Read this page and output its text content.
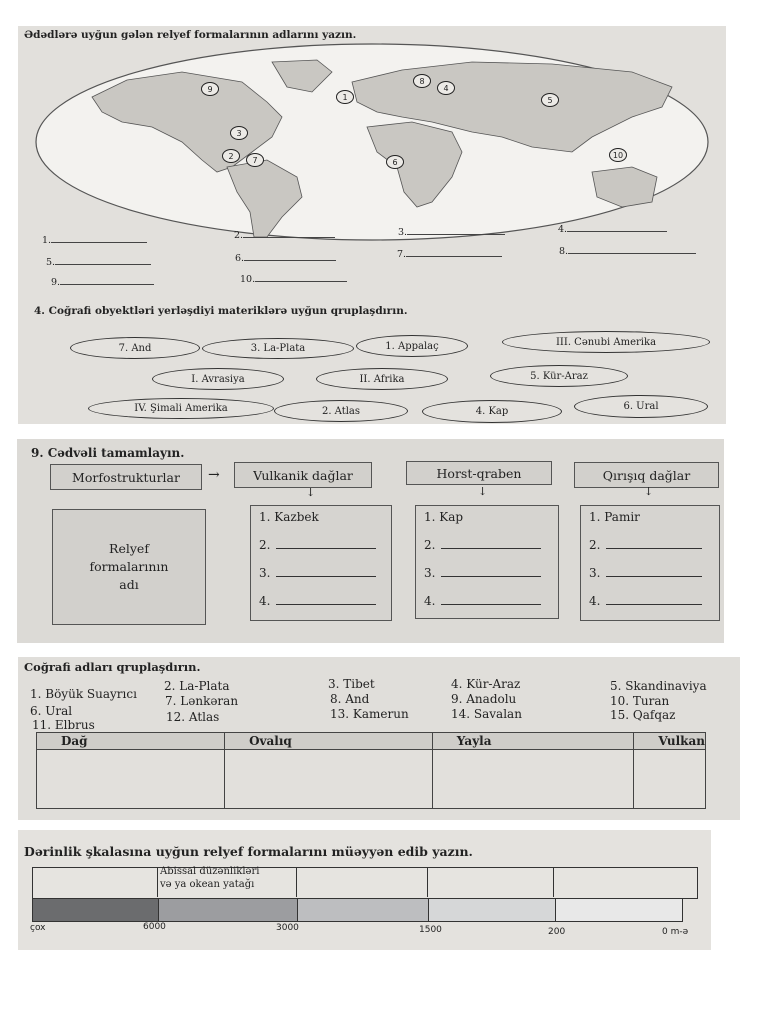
Ədədlərə uyğun gələn relyef formalarının adlarını yazın.
9
1
8
4
5
3
2	7	6
10
1.	2.	3.	4.
5.	6.	7.	8.
9.	10.
4. Coğrafi obyektləri yerləşdiyi materiklərə uyğun qruplaşdırın.
7. And	3. La-Plata	1. Appalaç	III. Cənubi Amerika
I. Avrasiya	II. Afrika	5. Kür-Araz
IV. Şimali Amerika	2. Atlas	4. Kap	6. Ural
9. Cədvəli tamamlayın.
Morfostrukturlar	→	Vulkanik dağlar	Horst-qraben	Qırışıq dağlar
↓	↓	↓
Relyef
formalarının
adı
1. Kazbek
2.
3.
4.
1. Kap
2.
3.
4.
1. Pamir
2.
3.
4.
Coğrafi adları qruplaşdırın.
1. Böyük Suayrıcı
2. La-Plata	3. Tibet	4. Kür-Araz	5. Skandinaviya
6. Ural
7. Lənkəran	8. And	9. Anadolu	10. Turan
11. Elbrus
12. Atlas	13. Kamerun	14. Savalan	15. Qafqaz
Dağ	Ovalıq	Yayla	Vulkan

Dərinlik şkalasına uyğun relyef formalarını müəyyən edib yazın.
Abissal düzənlikləri
və ya okean yatağı
çox	6000	3000	1500	200	0 m-ə
